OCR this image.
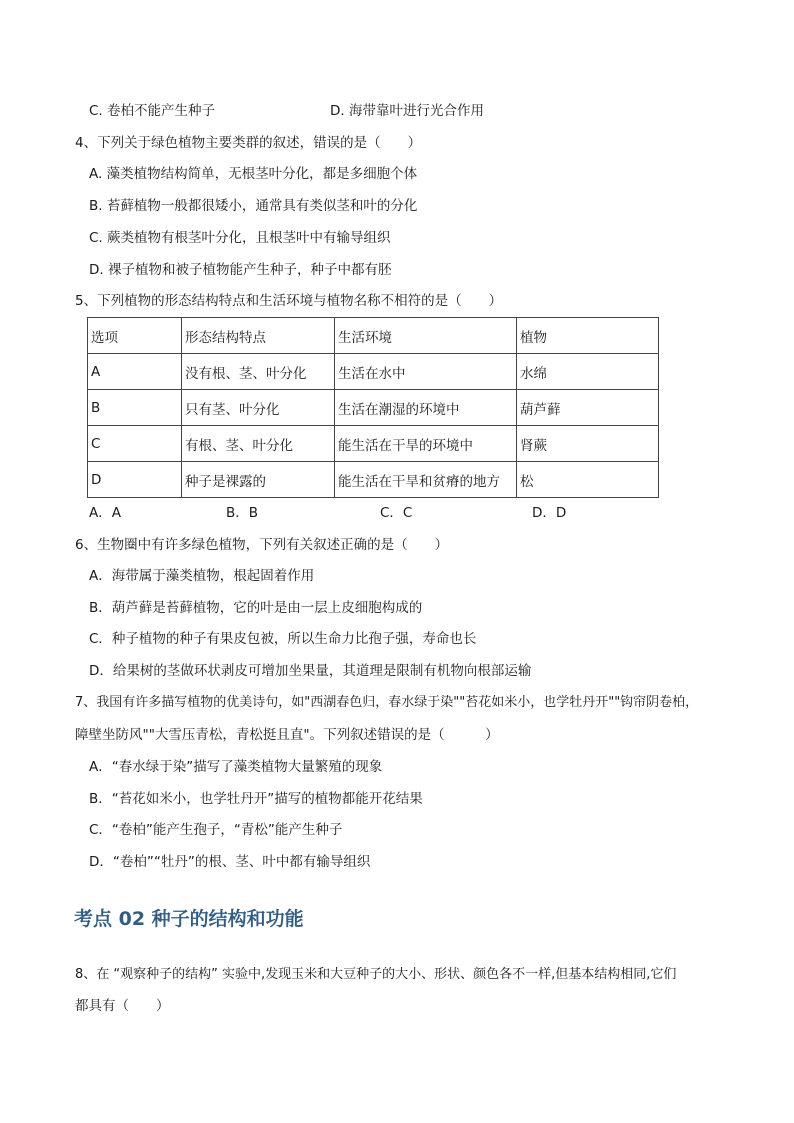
C. 卷柏不能产生种子	D. 海带靠叶进行光合作用
4、下列关于绿色植物主要类群的叙述，错误的是（　　）
A. 藻类植物结构简单，无根茎叶分化，都是多细胞个体
B. 苔藓植物一般都很矮小，通常具有类似茎和叶的分化
C. 蕨类植物有根茎叶分化，且根茎叶中有输导组织
D. 裸子植物和被子植物能产生种子，种子中都有胚
5、下列植物的形态结构特点和生活环境与植物名称不相符的是（　　）
选项	形态结构特点	生活环境	植物
A	没有根、茎、叶分化	生活在水中	水绵
B	只有茎、叶分化	生活在潮湿的环境中	葫芦藓
C	有根、茎、叶分化	能生活在干旱的环境中	肾蕨
D	种子是裸露的	能生活在干旱和贫瘠的地方	松
A．A	B．B	C．C	D．D
6、生物圈中有许多绿色植物，下列有关叙述正确的是（　　）
A．海带属于藻类植物，根起固着作用
B．葫芦藓是苔藓植物，它的叶是由一层上皮细胞构成的
C．种子植物的种子有果皮包被，所以生命力比孢子强，寿命也长
D．给果树的茎做环状剥皮可增加坐果量，其道理是限制有机物向根部运输
7、我国有许多描写植物的优美诗句，如"西湖春色归，春水绿于染""苔花如米小，也学牡丹开""钩帘阴卷柏，
障壁坐防风""大雪压青松，青松挺且直"。下列叙述错误的是（　　　）
A．“春水绿于染”描写了藻类植物大量繁殖的现象
B．“苔花如米小，也学牡丹开”描写的植物都能开花结果
C．“卷柏”能产生孢子，“青松”能产生种子
D．“卷柏”“牡丹”的根、茎、叶中都有输导组织
考点 02 种子的结构和功能
8、在 “观察种子的结构” 实验中,发现玉米和大豆种子的大小、形状、颜色各不一样,但基本结构相同,它们
都具有（　　）
